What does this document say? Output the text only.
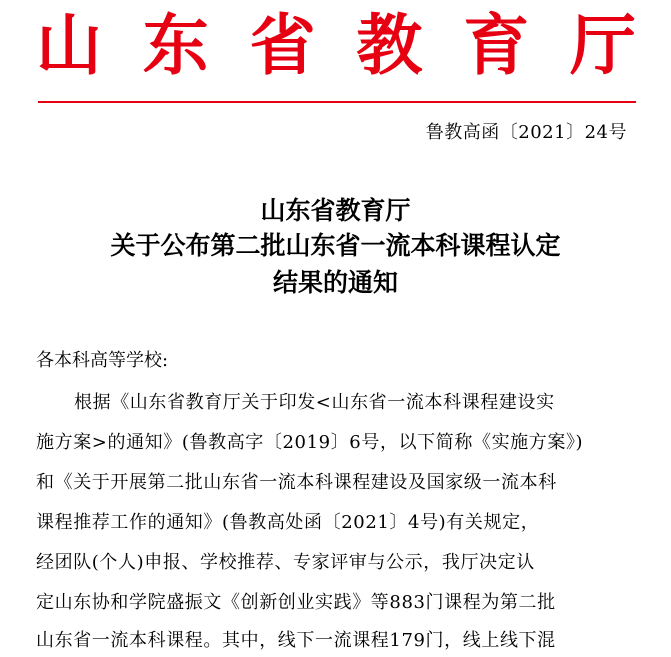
山 东 省 教 育 厅
鲁教高函〔2021〕24号
山东省教育厅
关于公布第二批山东省一流本科课程认定
结果的通知
各本科高等学校:
根据《山东省教育厅关于印发<山东省一流本科课程建设实
施方案>的通知》(鲁教高字〔2019〕6号，以下简称《实施方案》)
和《关于开展第二批山东省一流本科课程建设及国家级一流本科
课程推荐工作的通知》(鲁教高处函〔2021〕4号)有关规定，
经团队(个人)申报、学校推荐、专家评审与公示，我厅决定认
定山东协和学院盛振文《创新创业实践》等883门课程为第二批
山东省一流本科课程。其中，线下一流课程179门，线上线下混
